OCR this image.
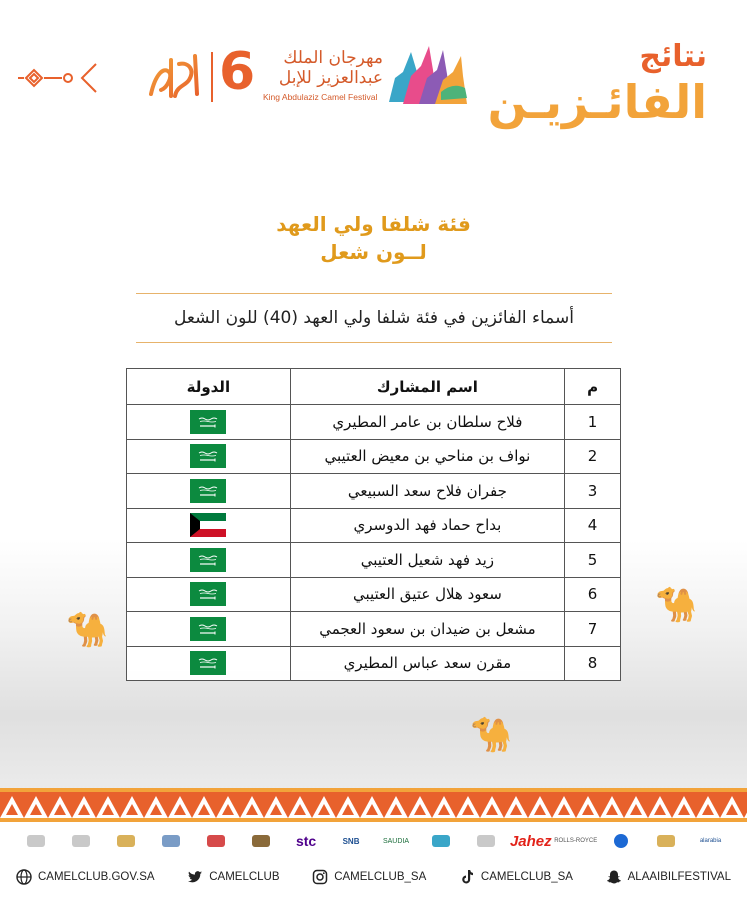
🐪
🐪
🐪
6	مهرجان الملك عبدالعزيز للإبل
King Abdulaziz Camel Festival
نتائج
الفائـزيـن
فئة شلفا ولي العهد
لــون شعل
أسماء الفائزين في فئة شلفا ولي العهد (40) للون الشعل
م	اسم المشارك	الدولة
1	فلاح سلطان بن عامر المطيري	
2	نواف بن مناحي بن معيض العتيبي	
3	جفران فلاح سعد السبيعي	
4	بداح حماد فهد الدوسري	
5	زيد فهد شعيل العتيبي	
6	سعود هلال عتيق العتيبي	
7	مشعل بن ضيدان بن سعود العجمي	
8	مقرن سعد عباس المطيري	
stc	SNB	SAUDIA	Jahez ROLLS-ROYCE	alarabia
CAMELCLUB.GOV.SA	CAMELCLUB	CAMELCLUB_SA	CAMELCLUB_SA	ALAAIBILFESTIVAL
